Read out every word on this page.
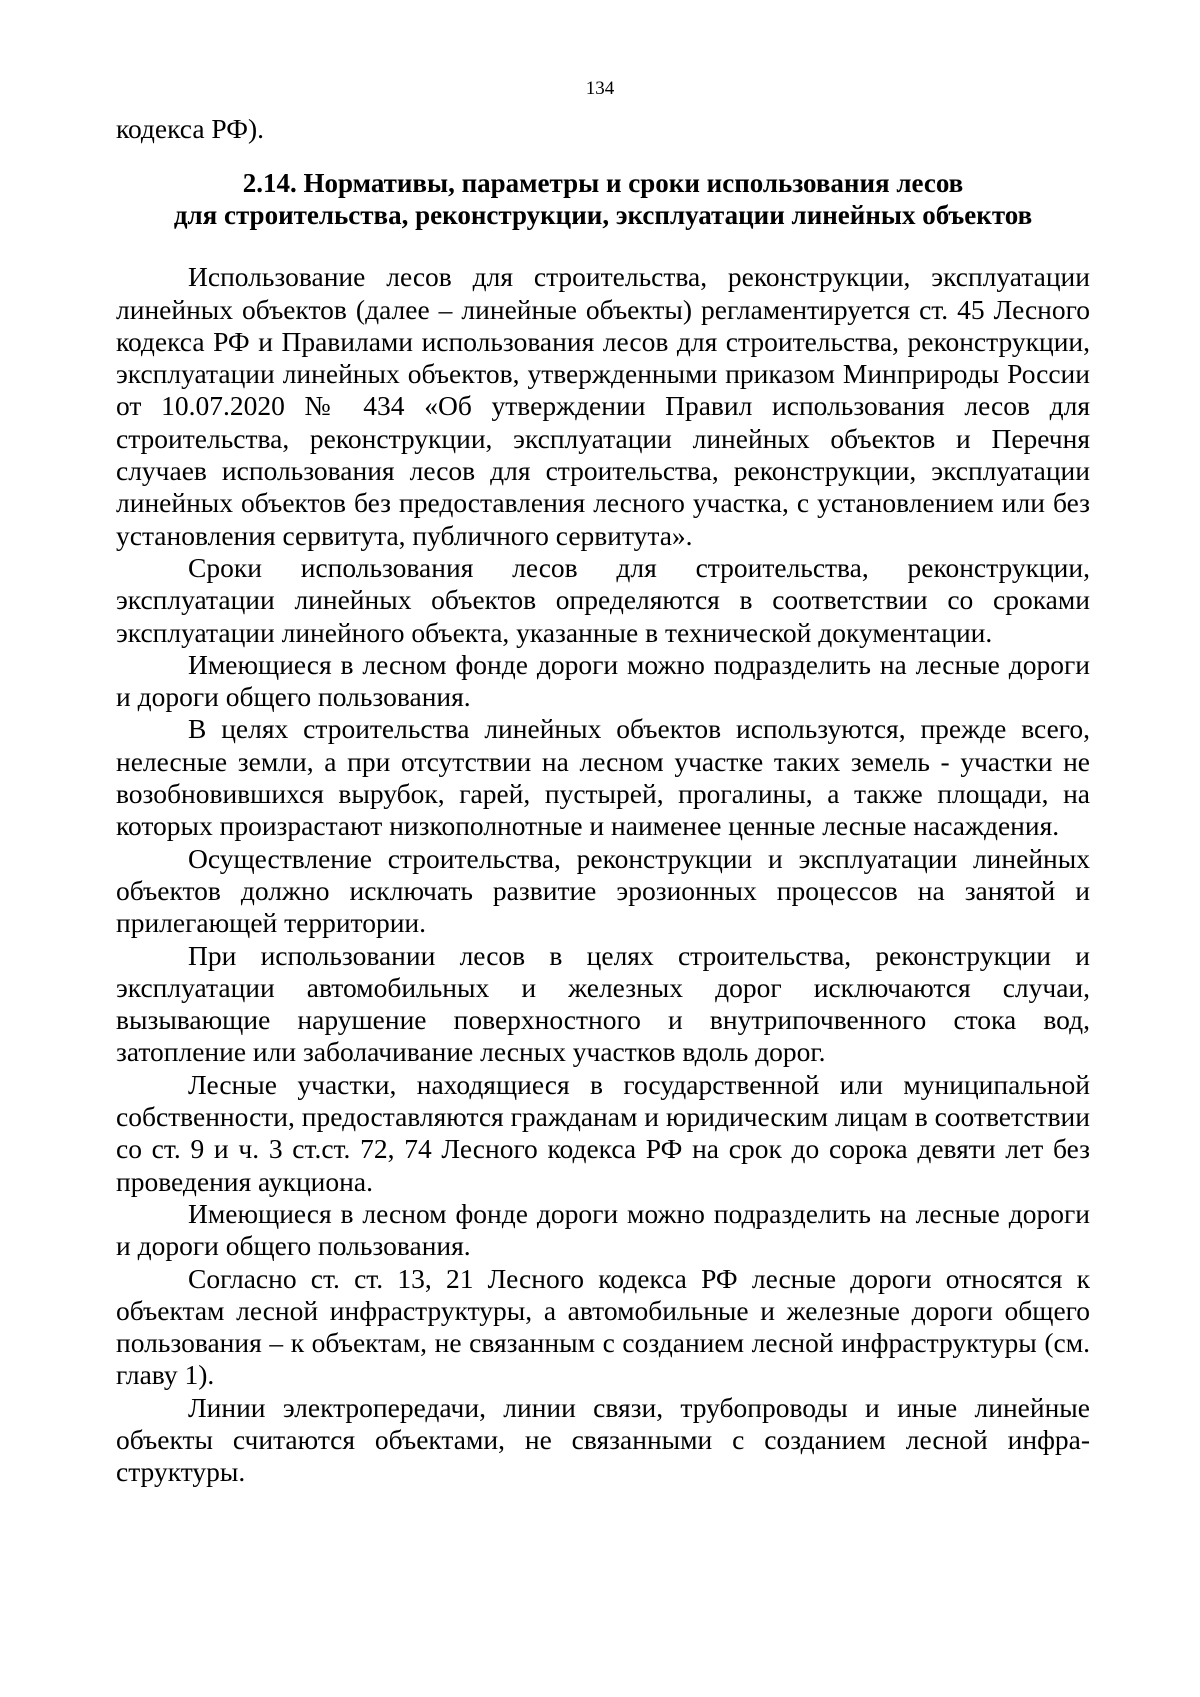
134

кодекса РФ).

2.14. Нормативы, параметры и сроки использования лесов
для строительства, реконструкции, эксплуатации линейных объектов

Использование лесов для строительства, реконструкции, эксплуатации линейных объектов (далее – линейные объекты) регламентируется ст. 45 Лесного кодекса РФ и Правилами использования лесов для строительства, реконструкции, эксплуатации линейных объектов, утвержденными приказом Минприроды России от 10.07.2020 № 434 «Об утверждении Правил использования лесов для строительства, реконструкции, эксплуатации линейных объектов и Перечня случаев использования лесов для строительства, реконструкции, эксплуатации линейных объектов без предоставления лесного участка, с установлением или без установления сервитута, публичного сервитута».

Сроки использования лесов для строительства, реконструкции, эксплуатации линейных объектов определяются в соответствии со сроками эксплуатации линейного объекта, указанные в технической документации.

Имеющиеся в лесном фонде дороги можно подразделить на лесные дороги и дороги общего пользования.

В целях строительства линейных объектов используются, прежде всего, нелесные земли, а при отсутствии на лесном участке таких земель - участки не возобновившихся вырубок, гарей, пустырей, прогалины, а также площади, на которых произрастают низкополнотные и наименее ценные лесные насаждения.

Осуществление строительства, реконструкции и эксплуатации линейных объектов должно исключать развитие эрозионных процессов на занятой и прилегающей территории.

При использовании лесов в целях строительства, реконструкции и эксплуатации автомобильных и железных дорог исключаются случаи, вызывающие нарушение поверхностного и внутрипочвенного стока вод, затопление или заболачивание лесных участков вдоль дорог.

Лесные участки, находящиеся в государственной или муниципальной собственности, предоставляются гражданам и юридическим лицам в соответствии со ст. 9 и ч. 3 ст.ст. 72, 74 Лесного кодекса РФ на срок до сорока девяти лет без проведения аукциона.

Имеющиеся в лесном фонде дороги можно подразделить на лесные дороги и дороги общего пользования.

Согласно ст. ст. 13, 21 Лесного кодекса РФ лесные дороги относятся к объектам лесной инфраструктуры, а автомобильные и железные дороги общего пользования – к объектам, не связанным с созданием лесной инфраструктуры (см. главу 1).

Линии электропередачи, линии связи, трубопроводы и иные линейные объекты считаются объектами, не связанными с созданием лесной инфра-структуры.
